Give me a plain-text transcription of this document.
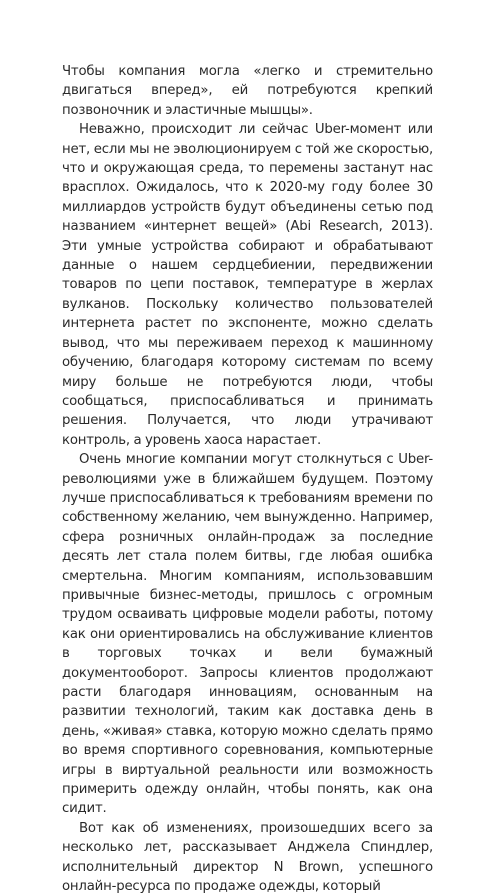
Чтобы компания могла «легко и стремительно двигаться вперед», ей потребуются крепкий позвоночник и эластичные мышцы».

Неважно, происходит ли сейчас Uber-момент или нет, если мы не эволюционируем с той же скоростью, что и окружающая среда, то перемены застанут нас врасплох. Ожидалось, что к 2020-му году более 30 миллиардов устройств будут объединены сетью под названием «интернет вещей» (Abi Research, 2013). Эти умные устройства собирают и обрабатывают данные о нашем сердцебиении, передвижении товаров по цепи поставок, температуре в жерлах вулканов. Поскольку количество пользователей интернета растет по экспоненте, можно сделать вывод, что мы переживаем переход к машинному обучению, благодаря которому системам по всему миру больше не потребуются люди, чтобы сообщаться, приспосабливаться и принимать решения. Получается, что люди утрачивают контроль, а уровень хаоса нарастает.

Очень многие компании могут столкнуться с Uber-революциями уже в ближайшем будущем. Поэтому лучше приспосабливаться к требованиям времени по собственному желанию, чем вынужденно. Например, сфера розничных онлайн-продаж за последние десять лет стала полем битвы, где любая ошибка смертельна. Многим компаниям, использовавшим привычные бизнес-методы, пришлось с огромным трудом осваивать цифровые модели работы, потому как они ориентировались на обслуживание клиентов в торговых точках и вели бумажный документооборот. Запросы клиентов продолжают расти благодаря инновациям, основанным на развитии технологий, таким как доставка день в день, «живая» ставка, которую можно сделать прямо во время спортивного соревнования, компьютерные игры в виртуальной реальности или возможность примерить одежду онлайн, чтобы понять, как она сидит.

Вот как об изменениях, произошедших всего за несколько лет, рассказывает Анджела Спиндлер, исполнительный директор N Brown, успешного онлайн-ресурса по продаже одежды, который
